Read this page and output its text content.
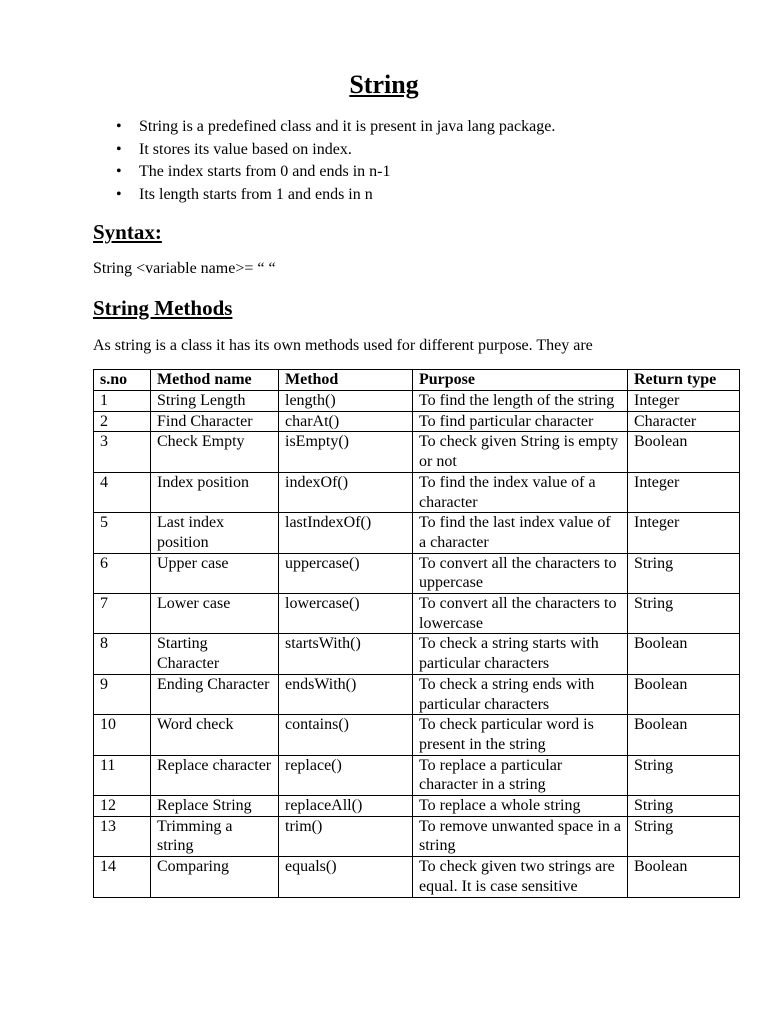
String
• String is a predefined class and it is present in java lang package.
• It stores its value based on index.
• The index starts from 0 and ends in n-1
• Its length starts from 1 and ends in n
Syntax:

String <variable name>= “ “

String Methods

As string is a class it has its own methods used for different purpose. They are

s.no	Method name	Method	Purpose	Return type
1	String Length	length()	To find the length of the string	Integer
2	Find Character	charAt()	To find particular character	Character
3	Check Empty	isEmpty()	To check given String is empty or not	Boolean
4	Index position	indexOf()	To find the index value of a character	Integer
5	Last index position	lastIndexOf()	To find the last index value of a character	Integer
6	Upper case	uppercase()	To convert all the characters to uppercase	String
7	Lower case	lowercase()	To convert all the characters to lowercase	String
8	Starting Character	startsWith()	To check a string starts with particular characters	Boolean
9	Ending Character	endsWith()	To check a string ends with particular characters	Boolean
10	Word check	contains()	To check particular word is present in the string	Boolean
11	Replace character	replace()	To replace a particular character in a string	String
12	Replace String	replaceAll()	To replace a whole string	String
13	Trimming a string	trim()	To remove unwanted space in a string	String
14	Comparing	equals()	To check given two strings are equal. It is case sensitive	Boolean
